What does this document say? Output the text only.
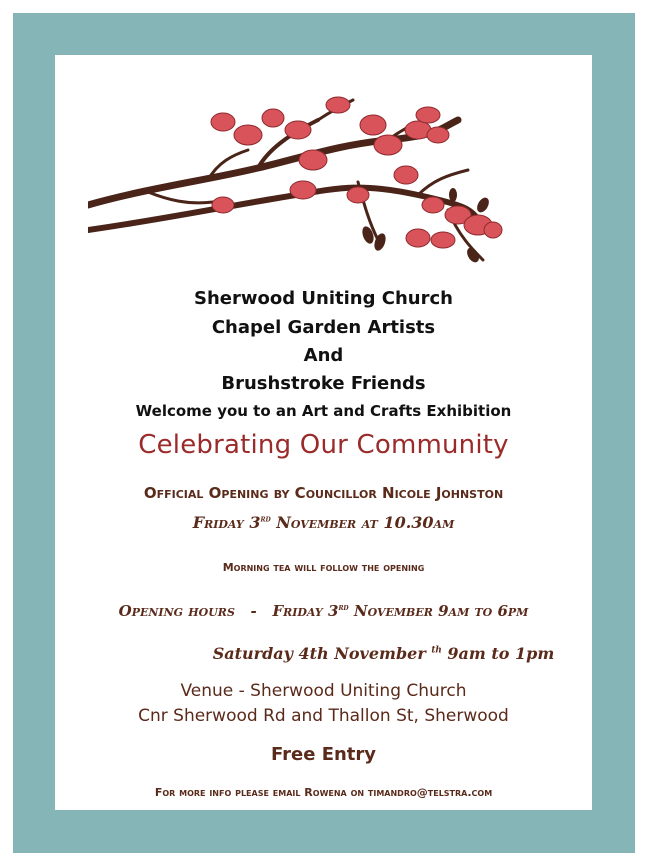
Sherwood Uniting Church

Chapel Garden Artists

And

Brushstroke Friends

Welcome you to an Art and Crafts Exhibition

Celebrating Our Community

Official Opening by Councillor Nicole Johnston

Friday 3rd November at 10.30am

Morning tea will follow the opening

Opening hours   -   Friday 3rd November 9am to 6pm

Saturday 4th November $^{th}$ 9am to 1pm

Venue - Sherwood Uniting Church

Cnr Sherwood Rd and Thallon St, Sherwood

Free Entry

For more info please email Rowena on timandro@telstra.com
